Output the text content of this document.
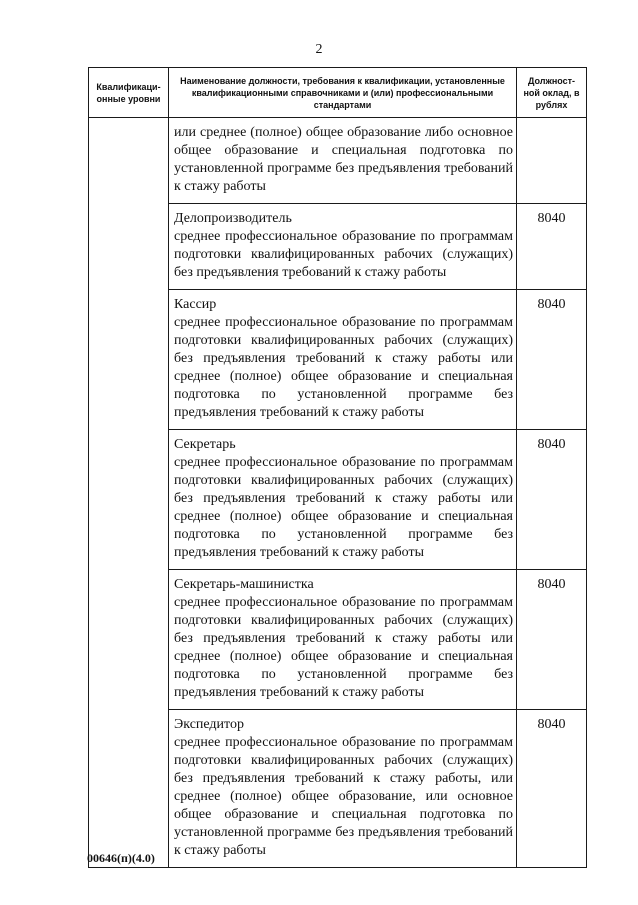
2
Квалификаци-онные уровни	Наименование должности, требования к квалификации, установленные квалификационными справочниками и (или) профессиональными стандартами	Должност-ной оклад, в рублях

	или среднее (полное) общее образование либо основное общее образование и специальная подготовка по установленной программе без предъявления требований к стажу работы	

	Делопроизводитель
среднее профессиональное образование по программам подготовки квалифицированных рабочих (служащих) без предъявления требований к стажу работы	8040

	Кассир
среднее профессиональное образование по программам подготовки квалифицированных рабочих (служащих) без предъявления требований к стажу работы или среднее (полное) общее образование и специальная подготовка по установленной программе без предъявления требований к стажу работы	8040

	Секретарь
среднее профессиональное образование по программам подготовки квалифицированных рабочих (служащих) без предъявления требований к стажу работы или среднее (полное) общее образование и специальная подготовка по установленной программе без предъявления требований к стажу работы	8040

	Секретарь-машинистка
среднее профессиональное образование по программам подготовки квалифицированных рабочих (служащих) без предъявления требований к стажу работы или среднее (полное) общее образование и специальная подготовка по установленной программе без предъявления требований к стажу работы	8040

	Экспедитор
среднее профессиональное образование по программам подготовки квалифицированных рабочих (служащих) без предъявления требований к стажу работы, или среднее (полное) общее образование, или основное общее образование и специальная подготовка по установленной программе без предъявления требований к стажу работы	8040
00646(п)(4.0)
